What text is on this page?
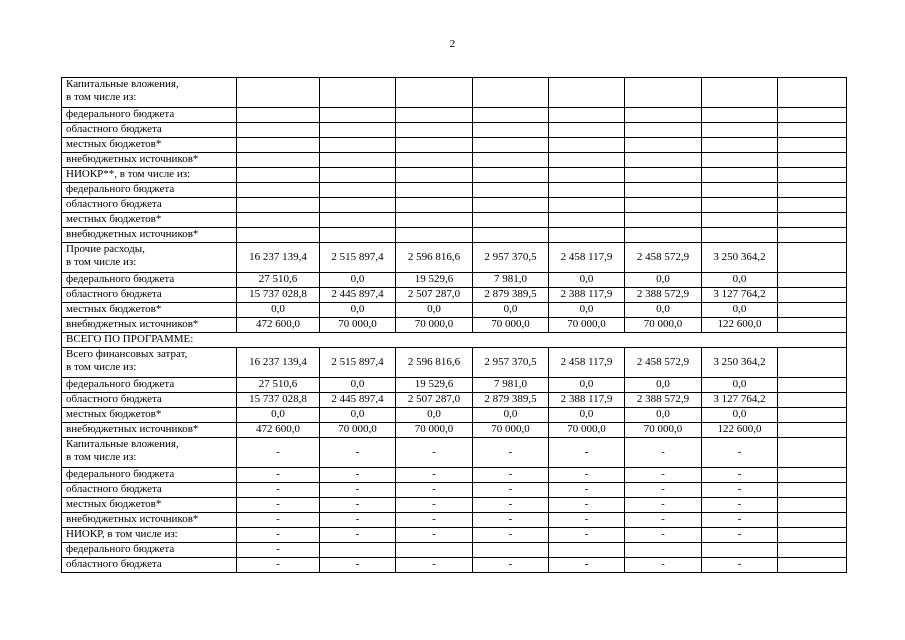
2
Капитальные вложения,
в том числе из:								
федерального бюджета								
областного бюджета								
местных бюджетов*								
внебюджетных источников*								
НИОКР**, в том числе из:								
федерального бюджета								
областного бюджета								
местных бюджетов*								
внебюджетных источников*								
Прочие расходы,
в том числе из:	16 237 139,4	2 515 897,4	2 596 816,6	2 957 370,5	2 458 117,9	2 458 572,9	3 250 364,2	
федерального бюджета	27 510,6	0,0	19 529,6	7 981,0	0,0	0,0	0,0	
областного бюджета	15 737 028,8	2 445 897,4	2 507 287,0	2 879 389,5	2 388 117,9	2 388 572,9	3 127 764,2	
местных бюджетов*	0,0	0,0	0,0	0,0	0,0	0,0	0,0	
внебюджетных источников*	472 600,0	70 000,0	70 000,0	70 000,0	70 000,0	70 000,0	122 600,0	
ВСЕГО ПО ПРОГРАММЕ:								
Всего финансовых затрат,
в том числе из:	16 237 139,4	2 515 897,4	2 596 816,6	2 957 370,5	2 458 117,9	2 458 572,9	3 250 364,2	
федерального бюджета	27 510,6	0,0	19 529,6	7 981,0	0,0	0,0	0,0	
областного бюджета	15 737 028,8	2 445 897,4	2 507 287,0	2 879 389,5	2 388 117,9	2 388 572,9	3 127 764,2	
местных бюджетов*	0,0	0,0	0,0	0,0	0,0	0,0	0,0	
внебюджетных источников*	472 600,0	70 000,0	70 000,0	70 000,0	70 000,0	70 000,0	122 600,0	
Капитальные вложения,
в том числе из:	-	-	-	-	-	-	-	
федерального бюджета	-	-	-	-	-	-	-	
областного бюджета	-	-	-	-	-	-	-	
местных бюджетов*	-	-	-	-	-	-	-	
внебюджетных источников*	-	-	-	-	-	-	-	
НИОКР, в том числе из:	-	-	-	-	-	-	-	
федерального бюджета	-							
областного бюджета	-	-	-	-	-	-	-	
